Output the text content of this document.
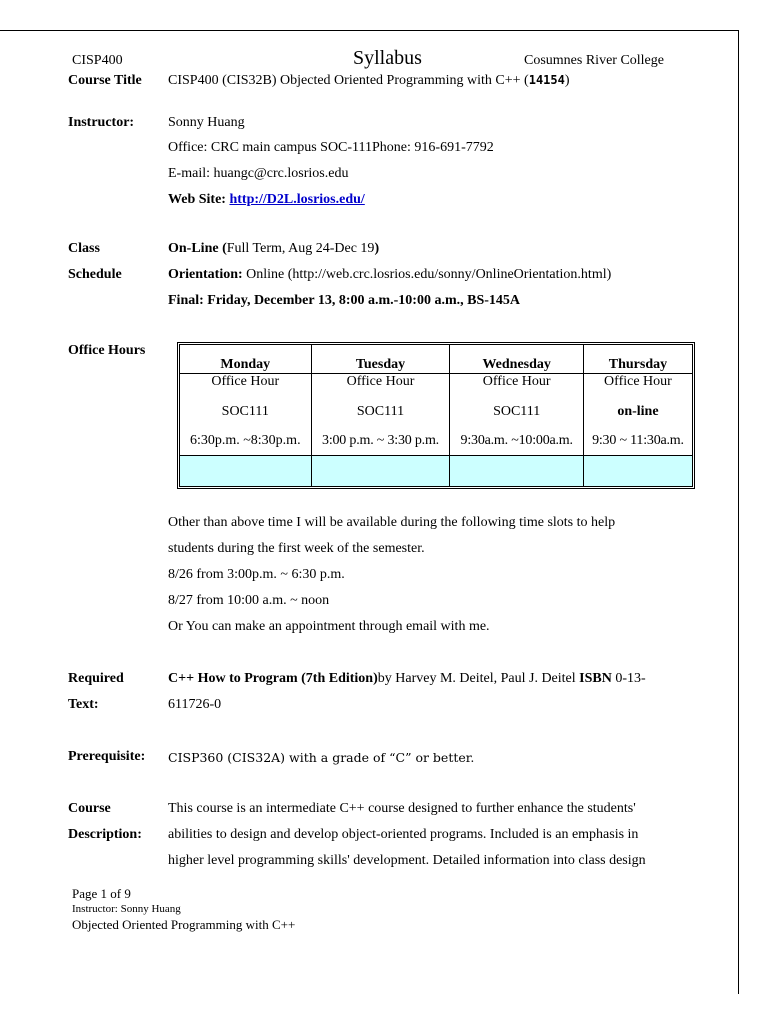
CISP400	Syllabus	Cosumnes River College
Course Title CISP400 (CIS32B) Objected Oriented Programming with C++ (14154)
Instructor: Sonny Huang
Office: CRC main campus SOC-111Phone: 916-691-7792
E-mail: huangc@crc.losrios.edu
Web Site: http://D2L.losrios.edu/
Class
Schedule
On-Line (Full Term, Aug 24-Dec 19)
Orientation: Online (http://web.crc.losrios.edu/sonny/OnlineOrientation.html)
Final: Friday, December 13, 8:00 a.m.-10:00 a.m., BS-145A
Office Hours
Monday	Tuesday	Wednesday	Thursday
Office Hour	Office Hour	Office Hour	Office Hour
SOC111	SOC111	SOC111	on-line
6:30p.m. ~8:30p.m.	3:00 p.m. ~ 3:30 p.m.	9:30a.m. ~10:00a.m.	9:30 ~ 11:30a.m.

Other than above time I will be available during the following time slots to help
students during the first week of the semester.
8/26 from 3:00p.m. ~ 6:30 p.m.
8/27 from 10:00 a.m. ~ noon
Or You can make an appointment through email with me.
Required
Text:
C++ How to Program (7th Edition)by Harvey M. Deitel, Paul J. Deitel ISBN 0-13-
611726-0
Prerequisite: CISP360 (CIS32A) with a grade of “C” or better.
Course
Description:
This course is an intermediate C++ course designed to further enhance the students'
abilities to design and develop object-oriented programs. Included is an emphasis in
higher level programming skills' development. Detailed information into class design
Page 1 of 9
Instructor: Sonny Huang
Objected Oriented Programming with C++
